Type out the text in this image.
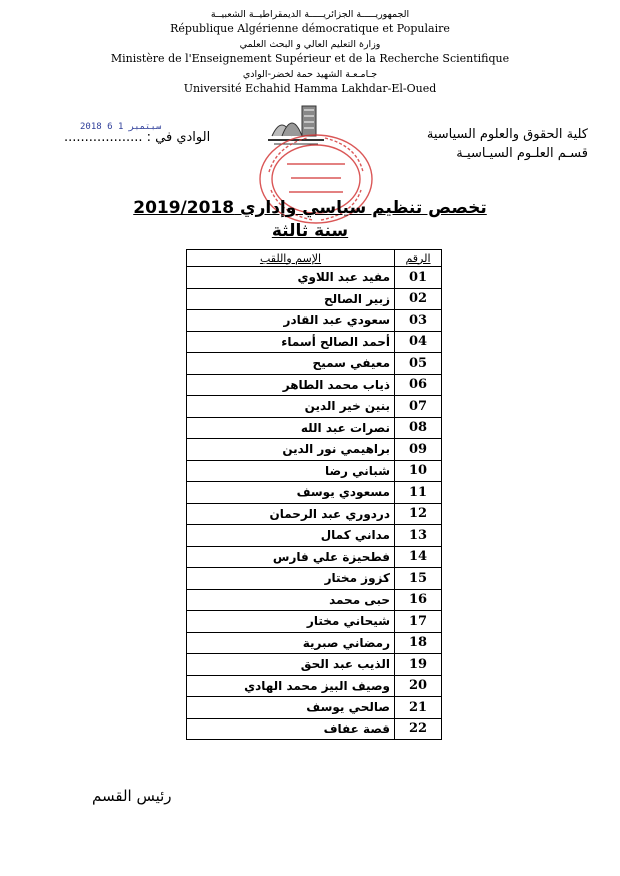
الجمهوريـــــة الجزائريـــــة الديمقراطيــة الشعبيــة
République Algérienne démocratique et Populaire
وزارة التعليم العالي و البحث العلمي
Ministère de l'Enseignement Supérieur et de la Recherche Scientifique
جـامـعـة الشهيد حمة لخضر-الوادي
Université Echahid Hamma Lakhdar-El-Oued
كلية الحقوق والعلوم السياسية
قسـم العلـوم السيـاسيـة
2018 سبتمبر 1 6
الوادي في : ...................
تخصص تنظيم سياسي وإداري 2019/2018
سنة ثالثة
الرقم	الإسم واللقب
01	مفيد عبد اللاوي
02	زبير الصالح
03	سعودي عبد القادر
04	أحمد الصالح أسماء
05	معيفي سميح
06	ذياب محمد الطاهر
07	بنين خير الدين
08	نصرات عبد الله
09	براهيمي نور الدين
10	شباني رضا
11	مسعودي يوسف
12	دردوري عبد الرحمان
13	مداني كمال
14	فطحيزة علي فارس
15	كزوز مختار
16	حبى محمد
17	شيحاني مختار
18	رمضاني صبرية
19	الذيب عبد الحق
20	وصيف البيز محمد الهادي
21	صالحي يوسف
22	قصة عفاف
رئيس القسم
